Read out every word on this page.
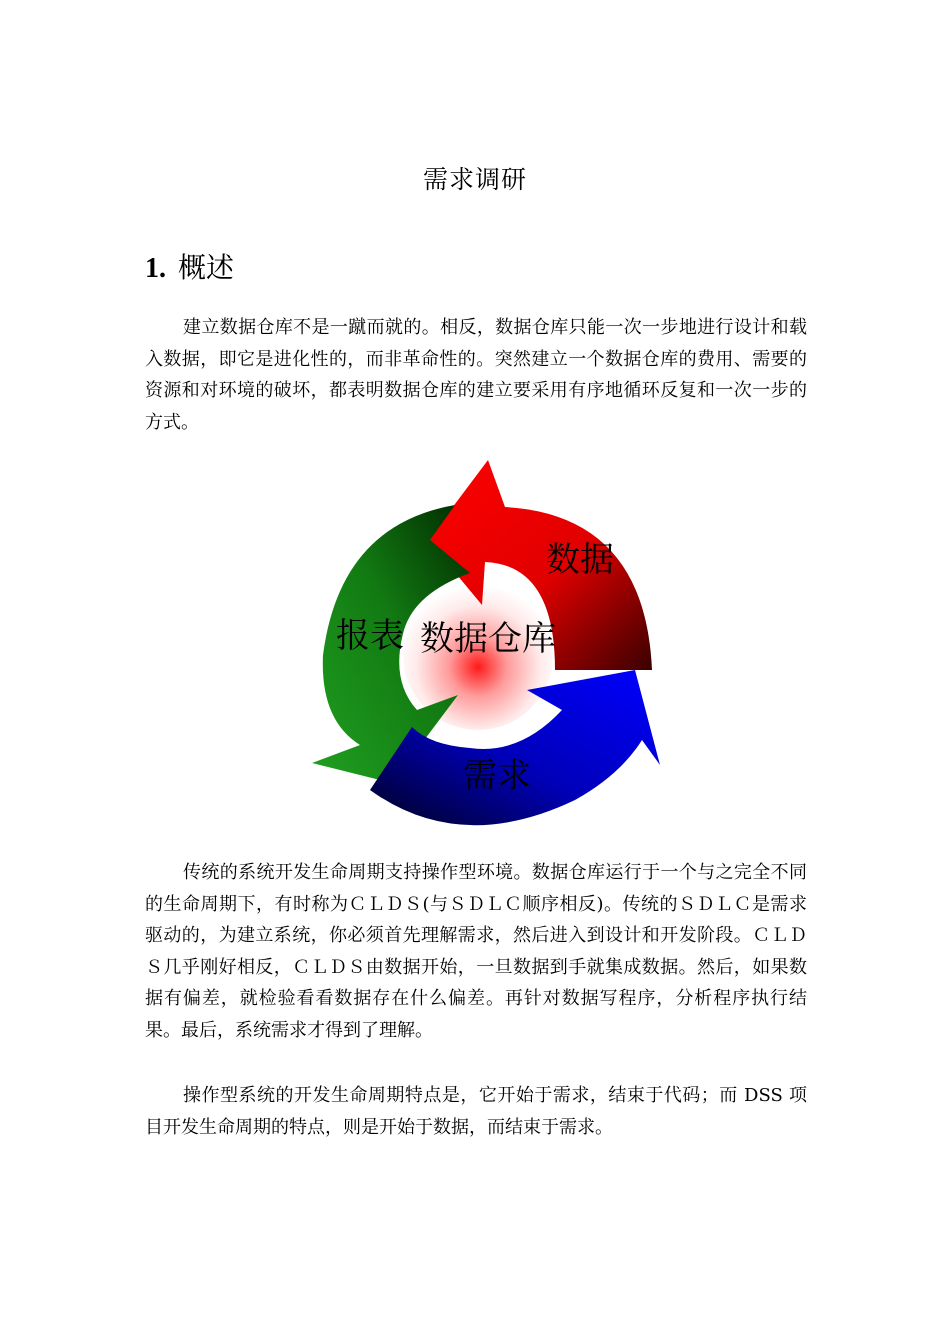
需求调研
1. 概述

建立数据仓库不是一蹴而就的。相反，数据仓库只能一次一步地进行设计和载入数据，即它是进化性的，而非革命性的。突然建立一个数据仓库的费用、需要的资源和对环境的破坏，都表明数据仓库的建立要采用有序地循环反复和一次一步的方式。

数据
报表 数据仓库
需求

传统的系统开发生命周期支持操作型环境。数据仓库运行于一个与之完全不同的生命周期下，有时称为ＣＬＤＳ(与ＳＤＬＣ顺序相反)。传统的ＳＤＬＣ是需求驱动的，为建立系统，你必须首先理解需求，然后进入到设计和开发阶段。ＣＬＤＳ几乎刚好相反，ＣＬＤＳ由数据开始，一旦数据到手就集成数据。然后，如果数据有偏差，就检验看看数据存在什么偏差。再针对数据写程序，分析程序执行结果。最后，系统需求才得到了理解。

操作型系统的开发生命周期特点是，它开始于需求，结束于代码；而 DSS 项目开发生命周期的特点，则是开始于数据，而结束于需求。
